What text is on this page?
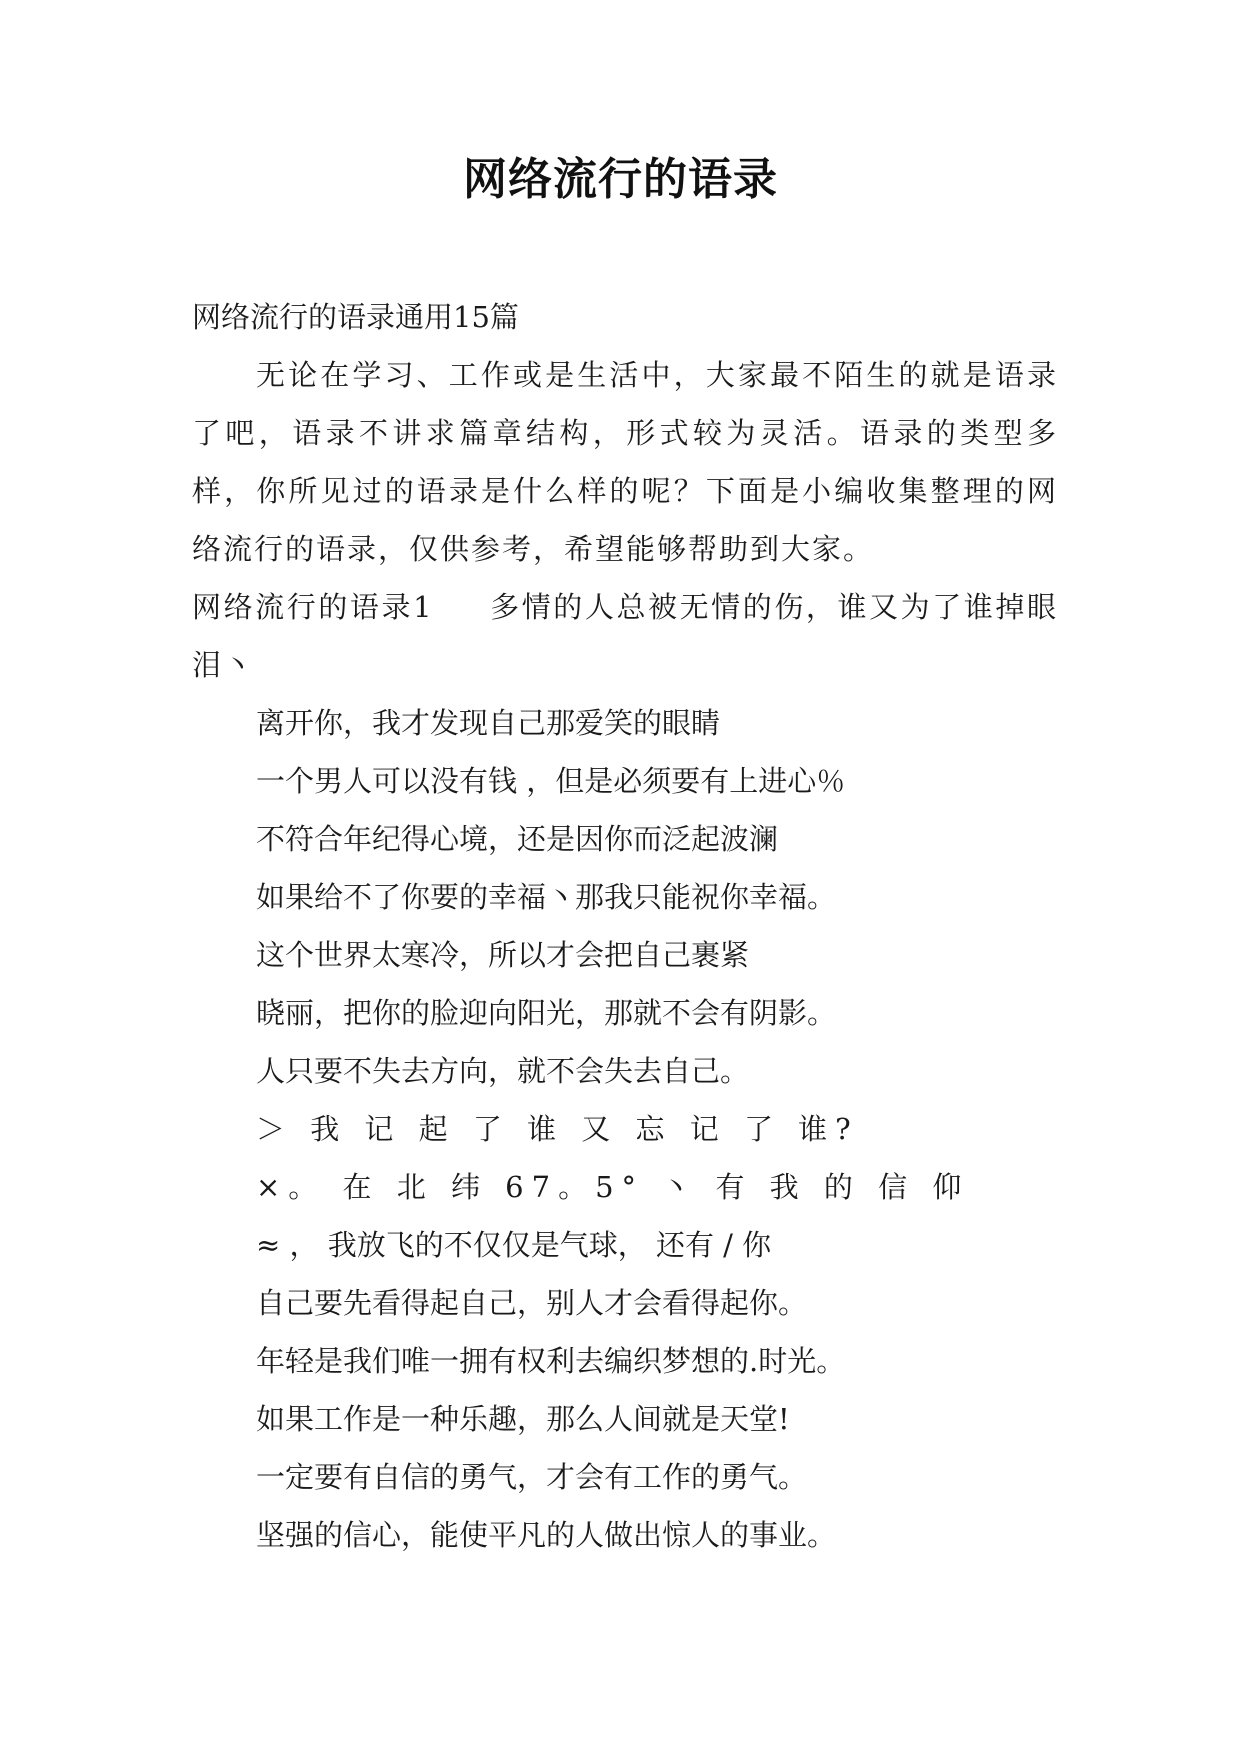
网络流行的语录
网络流行的语录通用15篇
无论在学习、工作或是生活中，大家最不陌生的就是语录了吧，语录不讲求篇章结构，形式较为灵活。语录的类型多样，你所见过的语录是什么样的呢？下面是小编收集整理的网络流行的语录，仅供参考，希望能够帮助到大家。
网络流行的语录1 多情的人总被无情的伤，谁又为了谁掉眼泪丶
离开你，我才发现自己那爱笑的眼睛
一个男人可以没有钱 ，但是必须要有上进心％
不符合年纪得心境，还是因你而泛起波澜
如果给不了你要的幸福丶那我只能祝你幸福。
这个世界太寒冷，所以才会把自己裹紧
晓丽，把你的脸迎向阳光，那就不会有阴影。
人只要不失去方向，就不会失去自己。
＞ 我 记 起 了 谁 又 忘 记 了 谁?
×。 在 北 纬 67。5° 丶 有 我 的 信 仰
≈ ， 我放飞的不仅仅是气球， 还有 / 你
自己要先看得起自己，别人才会看得起你。
年轻是我们唯一拥有权利去编织梦想的.时光。
如果工作是一种乐趣，那么人间就是天堂!
一定要有自信的勇气，才会有工作的勇气。
坚强的信心，能使平凡的人做出惊人的事业。
